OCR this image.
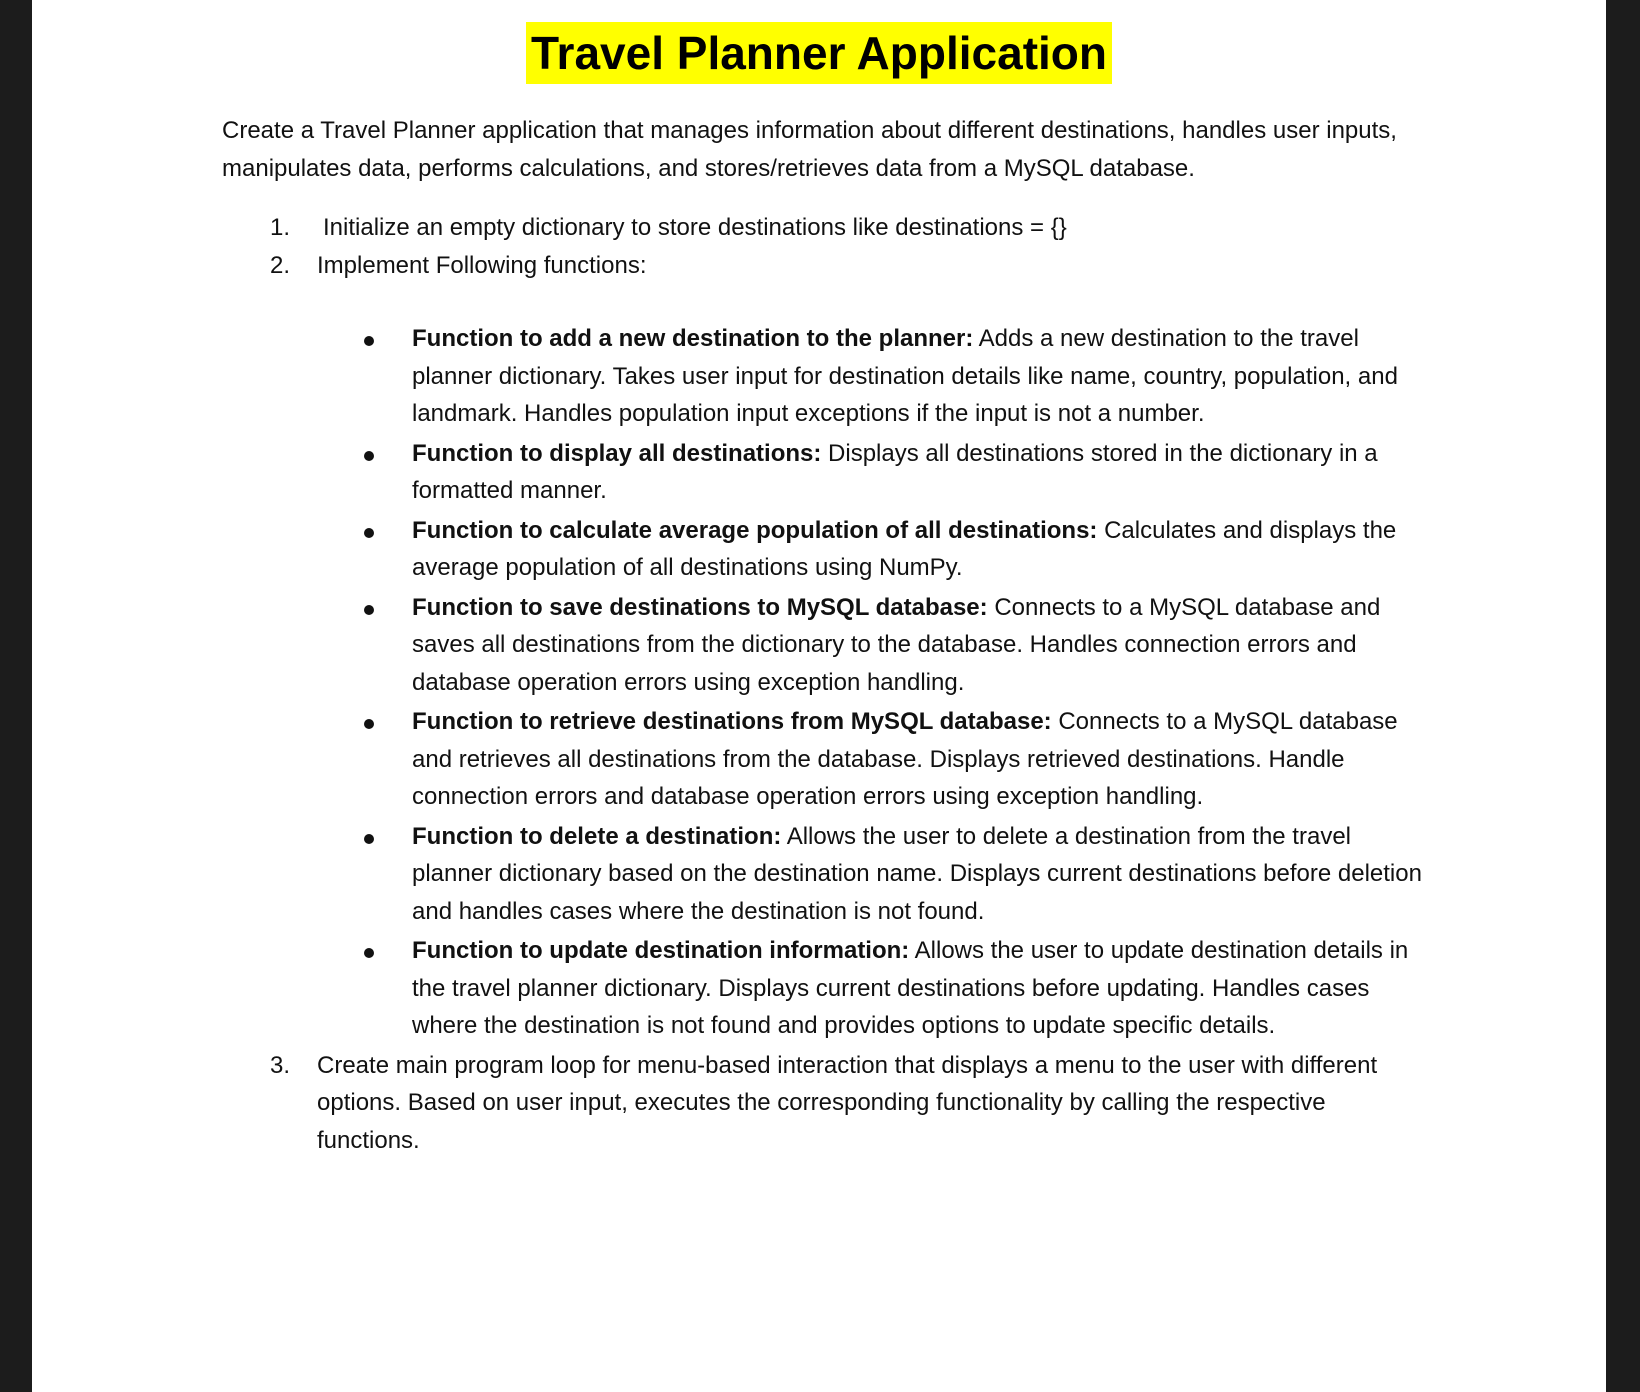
Travel Planner Application

Create a Travel Planner application that manages information about different destinations, handles user inputs, manipulates data, performs calculations, and stores/retrieves data from a MySQL database.

1. Initialize an empty dictionary to store destinations like destinations = {}
2. Implement Following functions:
Function to add a new destination to the planner: Adds a new destination to the travel planner dictionary. Takes user input for destination details like name, country, population, and landmark. Handles population input exceptions if the input is not a number.
Function to display all destinations: Displays all destinations stored in the dictionary in a formatted manner.
Function to calculate average population of all destinations: Calculates and displays the average population of all destinations using NumPy.
Function to save destinations to MySQL database: Connects to a MySQL database and saves all destinations from the dictionary to the database. Handles connection errors and database operation errors using exception handling.
Function to retrieve destinations from MySQL database: Connects to a MySQL database and retrieves all destinations from the database. Displays retrieved destinations. Handle connection errors and database operation errors using exception handling.
Function to delete a destination: Allows the user to delete a destination from the travel planner dictionary based on the destination name. Displays current destinations before deletion and handles cases where the destination is not found.
Function to update destination information: Allows the user to update destination details in the travel planner dictionary. Displays current destinations before updating. Handles cases where the destination is not found and provides options to update specific details.
3. Create main program loop for menu-based interaction that displays a menu to the user with different options. Based on user input, executes the corresponding functionality by calling the respective functions.
